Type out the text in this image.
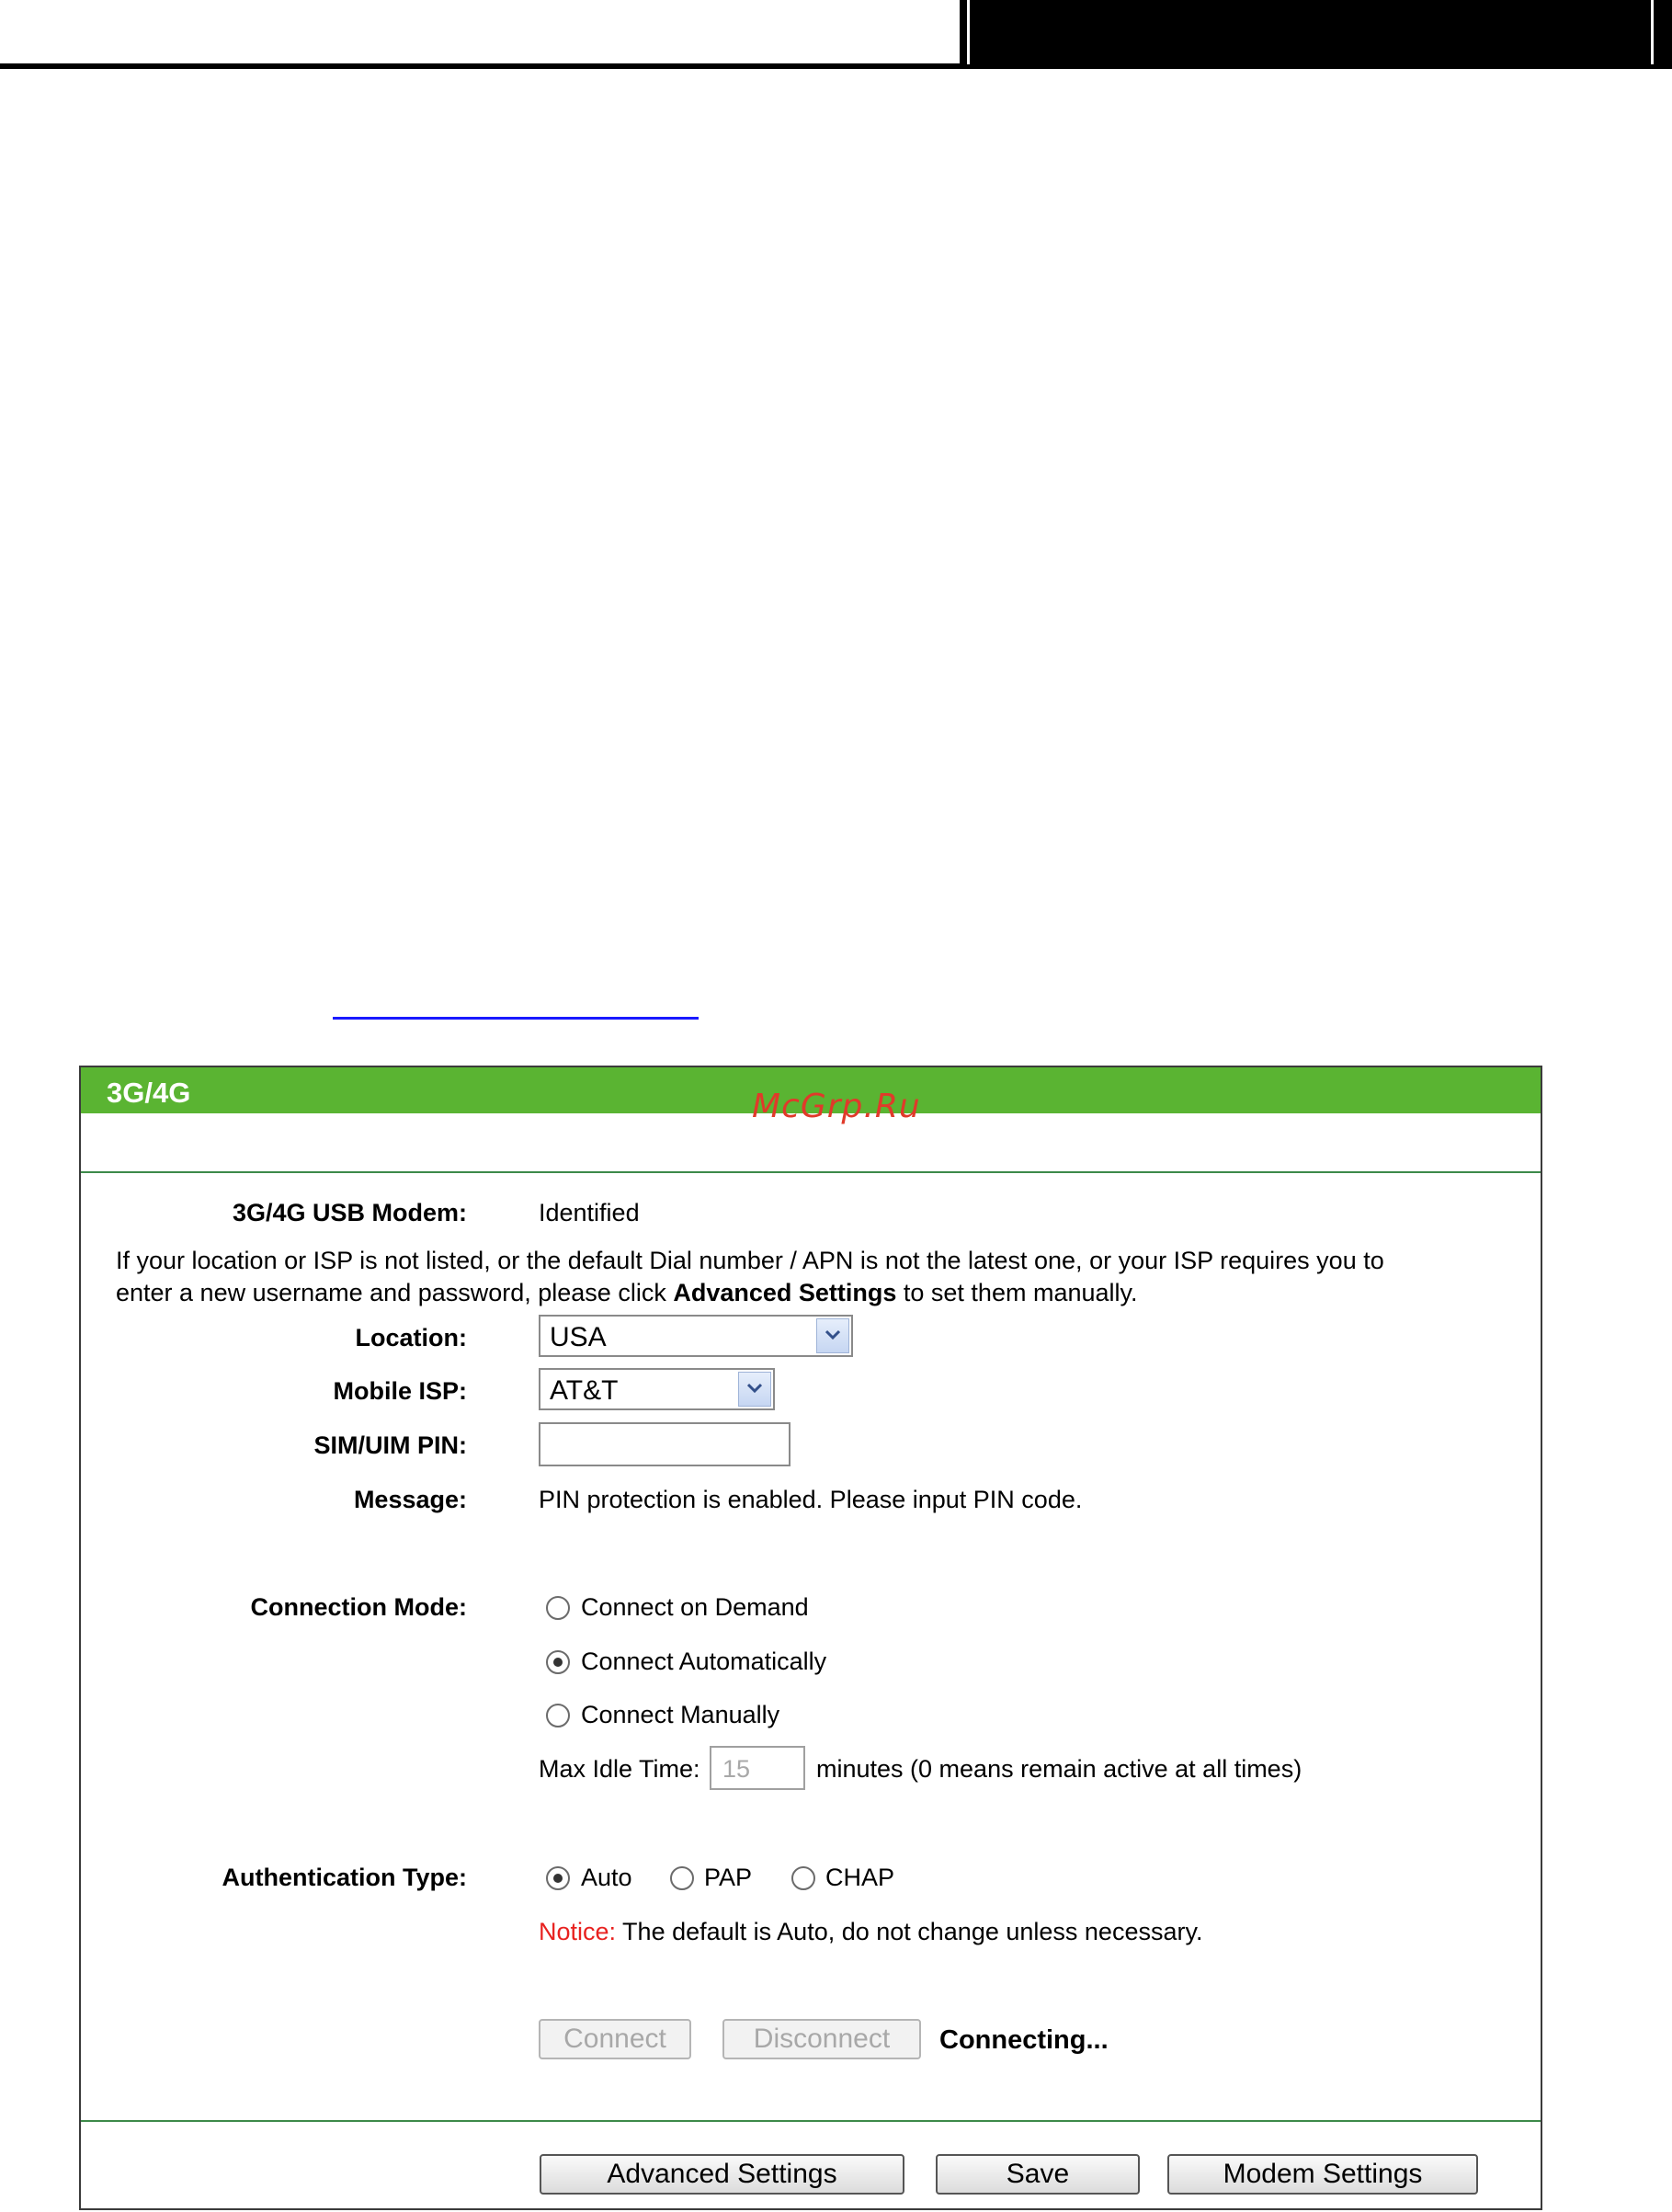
3G/4G	McGrp.Ru
3G/4G USB Modem:	Identified
If your location or ISP is not listed, or the default Dial number / APN is not the latest one, or your ISP requires you to
enter a new username and password, please click Advanced Settings to set them manually.
Location:	USA
Mobile ISP:	AT&T
SIM/UIM PIN:
Message:	PIN protection is enabled. Please input PIN code.
Connection Mode:	Connect on Demand
Connect Automatically
Connect Manually
Max Idle Time: 15	minutes (0 means remain active at all times)
Authentication Type:	Auto	PAP	CHAP
Notice: The default is Auto, do not change unless necessary.
Connect	Disconnect	Connecting...
Advanced Settings	Save	Modem Settings
